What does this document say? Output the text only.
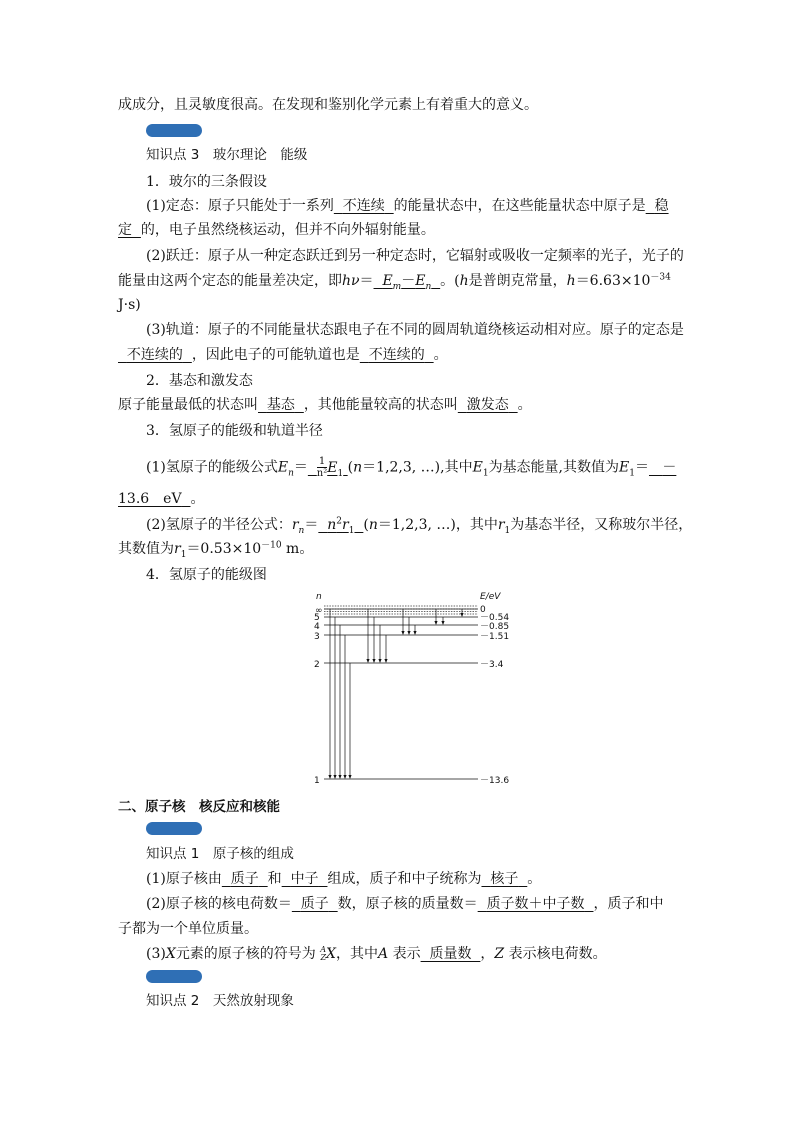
成成分，且灵敏度很高。在发现和鉴别化学元素上有着重大的意义。
知识点 3　玻尔理论　能级
1．玻尔的三条假设
(1)定态：原子只能处于一系列 不连续 的能量状态中，在这些能量状态中原子是 稳
定 的，电子虽然绕核运动，但并不向外辐射能量。
(2)跃迁：原子从一种定态跃迁到另一种定态时，它辐射或吸收一定频率的光子，光子的
能量由这两个定态的能量差决定，即$h\nu= E_m-E_n$ 。(h是普朗克常量，$h=6.63\times 10^{-34}$
J·s)
(3)轨道：原子的不同能量状态跟电子在不同的圆周轨道绕核运动相对应。原子的定态是
不连续的 ，因此电子的可能轨道也是 不连续的 。
2．基态和激发态
原子能量最低的状态叫 基态 ，其他能量较高的状态叫 激发态 。
3．氢原子的能级和轨道半径
(1)氢原子的能级公式$E_n= \frac{1}{\text{n²}} E_1$ (n＝1,2,3, …),其中$E_1$为基态能量,其数值为$E_1=$ －
13.6　eV 。
(2)氢原子的半径公式：$r_n= n^2r_1$ (n＝1,2,3, …)，其中$r_1$为基态半径，又称玻尔半径，
其数值为$r_1=0.53\times 10^{-10}$ m。
4．氢原子的能级图
n	E/eV
∞	0
5	－0.54
4	－0.85
3	－1.51
2	－3.4
1	－13.6
二、原子核　核反应和核能
知识点 1　原子核的组成
(1)原子核由 质子 和 中子 组成，质子和中子统称为 核子 。
(2)原子核的核电荷数＝ 质子 数，原子核的质量数＝ 质子数＋中子数 ，质子和中
子都为一个单位质量。
(3)X元素的原子核的符号为 A
Z X，其中A 表示 质量数 ，Z 表示核电荷数。
知识点 2　天然放射现象
